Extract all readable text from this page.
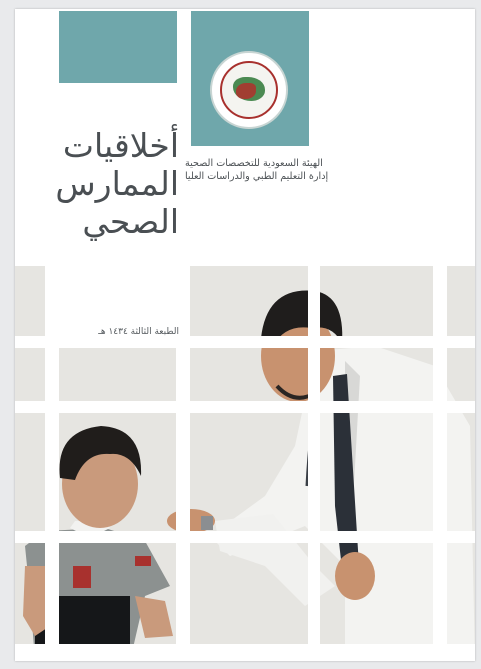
أخلاقيات
الممارس
الصحي
الهيئة السعودية للتخصصات الصحية
إدارة التعليم الطبي والدراسات العليا
الطبعة الثالثة ١٤٣٤ هـ
